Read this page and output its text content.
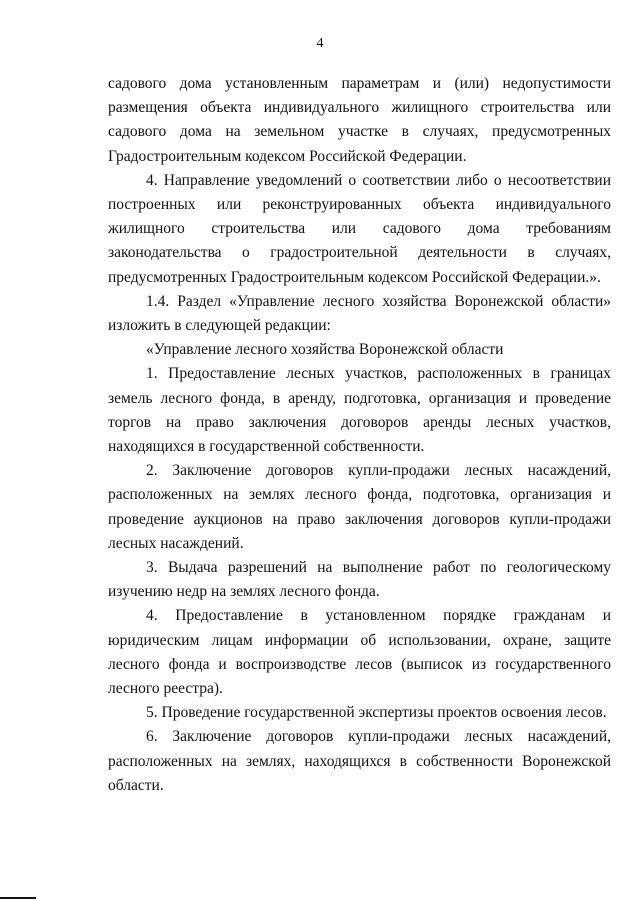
4

садового дома установленным параметрам и (или) недопустимости размещения объекта индивидуального жилищного строительства или садового дома на земельном участке в случаях, предусмотренных Градостроительным кодексом Российской Федерации.

4. Направление уведомлений о соответствии либо о несоответствии построенных или реконструированных объекта индивидуального жилищного строительства или садового дома требованиям законодательства о градостроительной деятельности в случаях, предусмотренных Градостроительным кодексом Российской Федерации.».

1.4. Раздел «Управление лесного хозяйства Воронежской области» изложить в следующей редакции:

«Управление лесного хозяйства Воронежской области

1. Предоставление лесных участков, расположенных в границах земель лесного фонда, в аренду, подготовка, организация и проведение торгов на право заключения договоров аренды лесных участков, находящихся в государственной собственности.

2. Заключение договоров купли-продажи лесных насаждений, расположенных на землях лесного фонда, подготовка, организация и проведение аукционов на право заключения договоров купли-продажи лесных насаждений.

3. Выдача разрешений на выполнение работ по геологическому изучению недр на землях лесного фонда.

4. Предоставление в установленном порядке гражданам и юридическим лицам информации об использовании, охране, защите лесного фонда и воспроизводстве лесов (выписок из государственного лесного реестра).

5. Проведение государственной экспертизы проектов освоения лесов.

6. Заключение договоров купли-продажи лесных насаждений, расположенных на землях, находящихся в собственности Воронежской области.
